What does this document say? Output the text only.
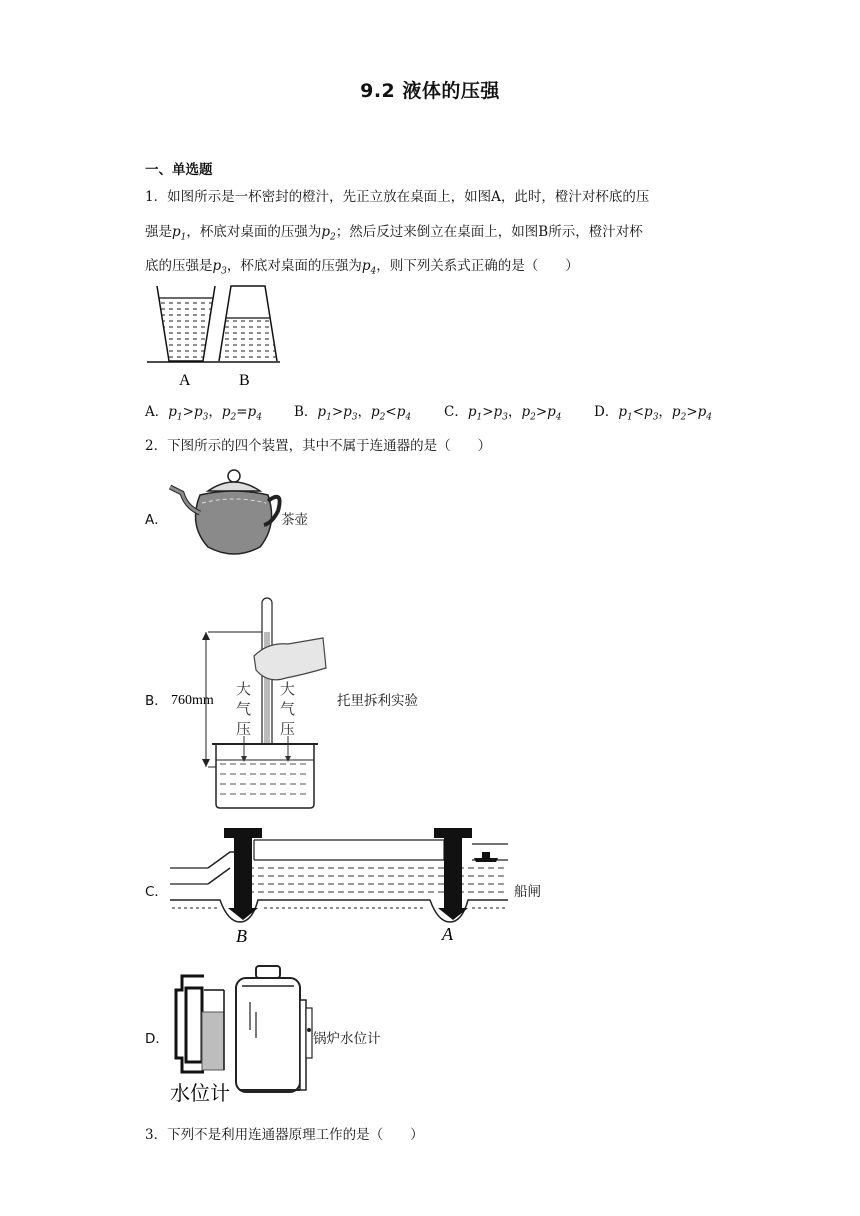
9.2 液体的压强
一、单选题
1．如图所示是一杯密封的橙汁，先正立放在桌面上，如图A，此时，橙汁对杯底的压
强是$p_1$，杯底对桌面的压强为$p_2$；然后反过来倒立在桌面上，如图B所示，橙汁对杯
底的压强是$p_3$，杯底对桌面的压强为$p_4$，则下列关系式正确的是（　　）
A	B
A．$p_1>p_3$，$p_2=p_4$ B．$p_1>p_3$，$p_2<p_4$ C．$p_1>p_3$，$p_2>p_4$ D．$p_1<p_3$，$p_2>p_4$
2．下图所示的四个装置，其中不属于连通器的是（　　）
A．	茶壶
B． 760mm
大
气
压
大
气
压
托里拆利实验
C．
B	A
船闸
D．
水位计
锅炉水位计
3．下列不是利用连通器原理工作的是（　　）
